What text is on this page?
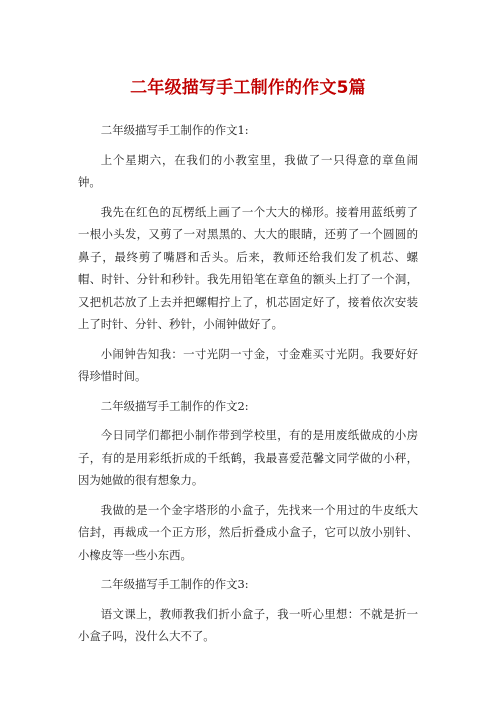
二年级描写手工制作的作文5篇

二年级描写手工制作的作文1:

上个星期六，在我们的小教室里，我做了一只得意的章鱼闹钟。

我先在红色的瓦楞纸上画了一个大大的梯形。接着用蓝纸剪了一根小头发，又剪了一对黑黑的、大大的眼睛，还剪了一个圆圆的鼻子，最终剪了嘴唇和舌头。后来，教师还给我们发了机芯、螺帽、时针、分针和秒针。我先用铅笔在章鱼的额头上打了一个洞，又把机芯放了上去并把螺帽拧上了，机芯固定好了，接着依次安装上了时针、分针、秒针，小闹钟做好了。

小闹钟告知我：一寸光阴一寸金，寸金难买寸光阴。我要好好得珍惜时间。

二年级描写手工制作的作文2:

今日同学们都把小制作带到学校里，有的是用废纸做成的小房子，有的是用彩纸折成的千纸鹤，我最喜爱范馨文同学做的小秤，因为她做的很有想象力。

我做的是一个金字塔形的小盒子，先找来一个用过的牛皮纸大信封，再裁成一个正方形，然后折叠成小盒子，它可以放小别针、小橡皮等一些小东西。

二年级描写手工制作的作文3:

语文课上，教师教我们折小盒子，我一听心里想：不就是折一小盒子吗，没什么大不了。
